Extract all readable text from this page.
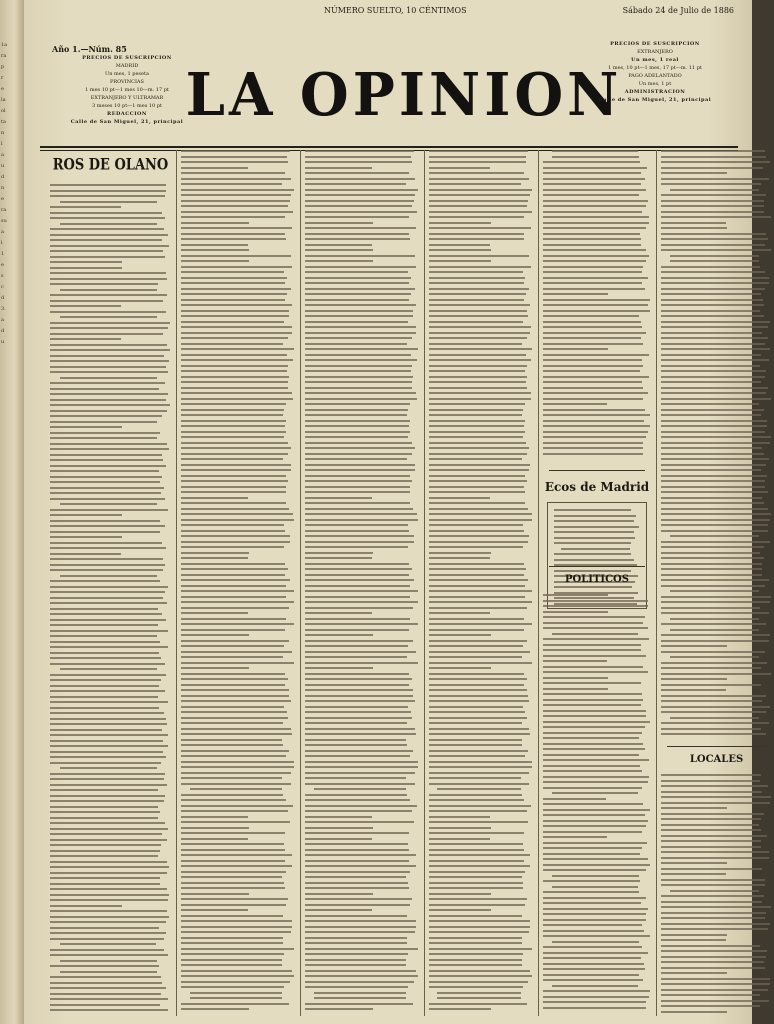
1a
ra
p
r
e
la
ol
ta
n
l
a
u
d
n
e
ra
su
a
l
1
e
s
c
d
3.
a
d
u
Año 1.—Núm. 85
NÚMERO SUELTO, 10 CÉNTIMOS	Sábado 24 de Julio de 1886
PRECIOS DE SUSCRIPCION
MADRID
Un mes, 1 peseta
PROVINCIAS
1 mes 10 pt—1 mes 10—m. 17 pt
EXTRANJERO Y ULTRAMAR
3 meses 10 pt—1 mes 10 pt
REDACCION
Calle de San Miguel, 21, principal LA OPINION
PRECIOS DE SUSCRIPCION
EXTRANJERO
Un mes, 1 real
1 mes, 10 pt—1 mes, 17 pt—m. 11 pt
PAGO ADELANTADO
Un mes, 1 pt
ADMINISTRACION
Calle de San Miguel, 21, principal
ROS DE OLANO
Ecos de Madrid
POLITICOS
LOCALES
